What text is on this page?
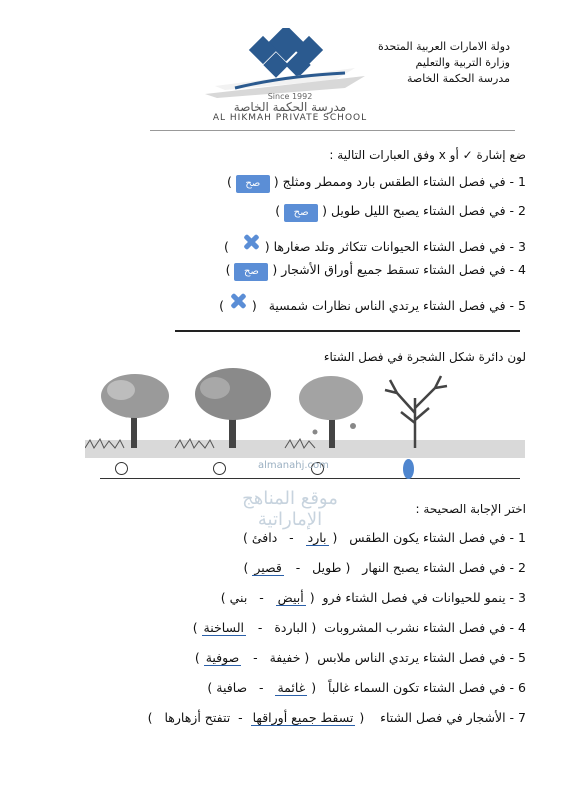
دولة الامارات العربية المتحدة
وزارة التربية والتعليم
مدرسة الحكمة الخاصة
Since 1992
مدرسة الحكمة الخاصة
AL HIKMAH PRIVATE SCHOOL
ضع إشارة ✓ أو x وفق العبارات التالية :
1 - في فصل الشتاء الطقس بارد وممطر ومثلج ( صح )
2 - في فصل الشتاء يصبح الليل طويل ( صح )
3 - في فصل الشتاء الحيوانات تتكاثر وتلد صغارها (    )
4 - في فصل الشتاء تسقط جميع أوراق الأشجار ( صح )
5 - في فصل الشتاء يرتدي الناس نظارات شمسية   (  )
لون دائرة شكل الشجرة في فصل الشتاء
almanahj.com
موقع المناهج الإماراتية	اختر الإجابة الصحيحة :
1 - في فصل الشتاء يكون الطقس   ( بارد   -   دافئ )
2 - في فصل الشتاء يصبح النهار   ( طويل   -   قصير )
3 - ينمو للحيوانات في فصل الشتاء فرو  ( أبيض   -   بني )
4 - في فصل الشتاء نشرب المشروبات  ( الباردة   -   الساخنة )
5 - في فصل الشتاء يرتدي الناس ملابس  ( خفيفة   -   صوفية )
6 - في فصل الشتاء تكون السماء غالباً   ( غائمة   -   صافية )
7 - الأشجار في فصل الشتاء    ( تسقط جميع أوراقها  -  تتفتح أزهارها   )
